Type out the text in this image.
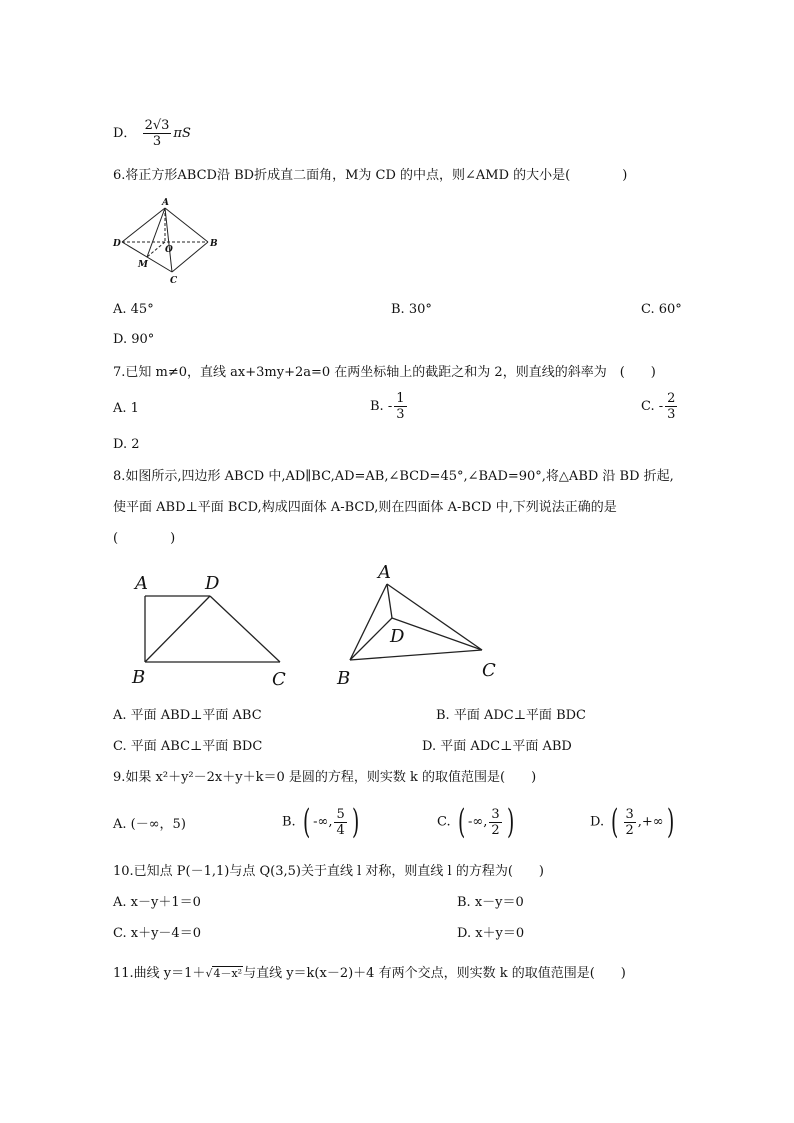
D． $\frac{2√3}{3}$ πS
6.将正方形ABCD沿 BD折成直二面角，M为 CD 的中点，则∠AMD 的大小是(　　　　)
A
D
O
B
M
C
A. 45°	B. 30°	C. 60°
D. 90°
7.已知 m≠0，直线 ax+3my+2a=0 在两坐标轴上的截距之和为 2，则直线的斜率为　(　　)
A. 1	B. - $\frac{1}{3}$	C. - $\frac{2}{3}$
D. 2
8.如图所示,四边形 ABCD 中,AD∥BC,AD=AB,∠BCD=45°,∠BAD=90°,将△ABD 沿 BD 折起,
使平面 ABD⊥平面 BCD,构成四面体 A-BCD,则在四面体 A-BCD 中,下列说法正确的是
(　　　　)
A	D
B	C
A
D
B	C
A. 平面 ABD⊥平面 ABC	B. 平面 ADC⊥平面 BDC
C. 平面 ABC⊥平面 BDC	D. 平面 ADC⊥平面 ABD
9.如果 x²＋y²－2x＋y＋k＝0 是圆的方程，则实数 k 的取值范围是(　　)
A. (－∞，5)	B. ( -∞, $\frac{5}{4}$ )	C. ( -∞, $\frac{3}{2}$ )	D. ( $\frac{3}{2}$ ,+∞)
10.已知点 P(－1,1)与点 Q(3,5)关于直线 l 对称，则直线 l 的方程为(　　)
A. x－y＋1＝0	B. x－y＝0
C. x＋y－4＝0	D. x＋y＝0
11.曲线 y＝1＋√4－x²与直线 y＝k(x－2)＋4 有两个交点，则实数 k 的取值范围是(　　)
